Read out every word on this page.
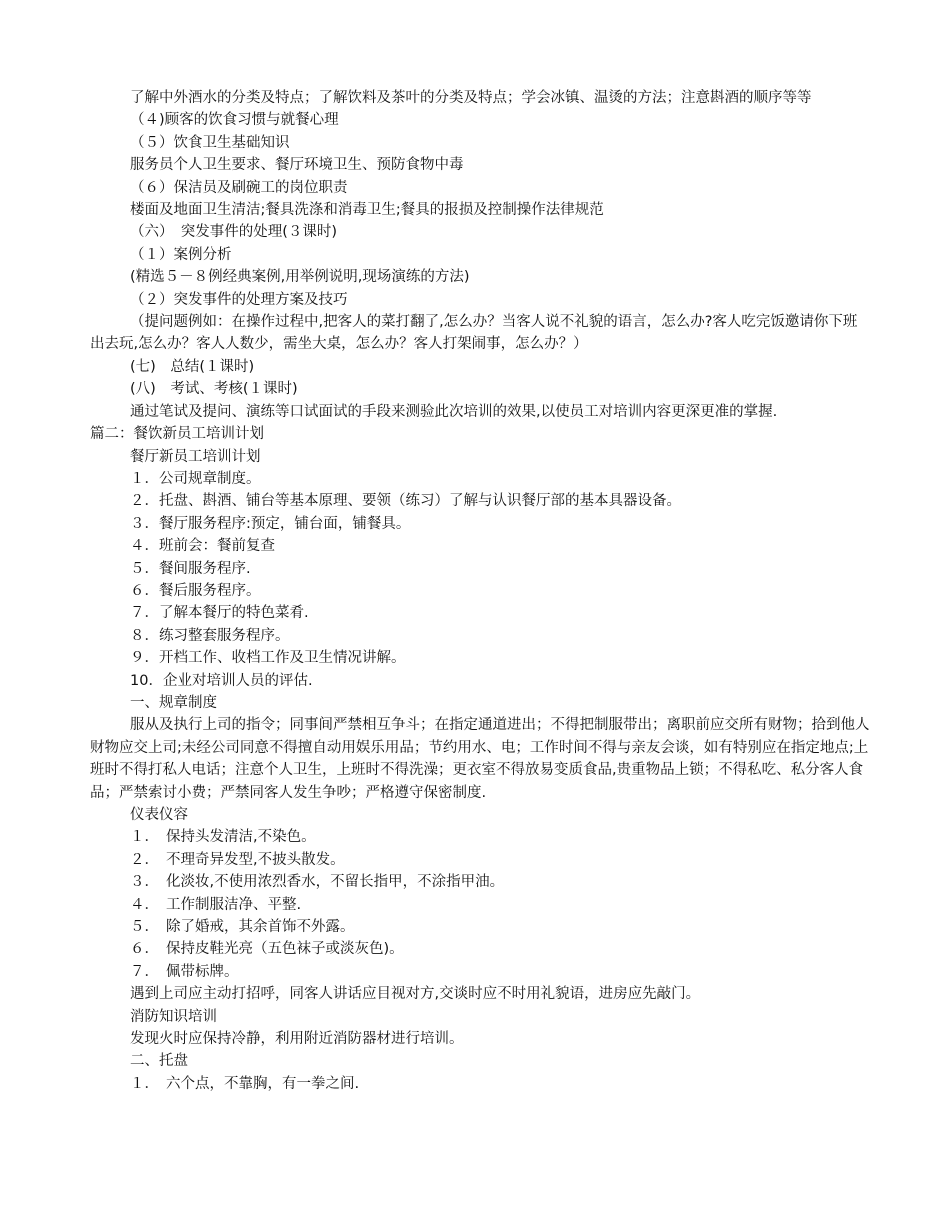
了解中外酒水的分类及特点；了解饮料及茶叶的分类及特点；学会冰镇、温烫的方法；注意斟酒的顺序等等

（４)顾客的饮食习惯与就餐心理

（５）饮食卫生基础知识

服务员个人卫生要求、餐厅环境卫生、预防食物中毒

（６）保洁员及刷碗工的岗位职责

楼面及地面卫生清洁;餐具洗涤和消毒卫生;餐具的报损及控制操作法律规范

（六）　突发事件的处理(３课时)

（１）案例分析

(精选５－８例经典案例,用举例说明,现场演练的方法)

（２）突发事件的处理方案及技巧

（提问题例如：在操作过程中,把客人的菜打翻了,怎么办？当客人说不礼貌的语言，怎么办?客人吃完饭邀请你下班出去玩,怎么办？客人人数少，需坐大桌，怎么办？客人打架闹事，怎么办？）

(七)　总结(１课时)

(八)　考试、考核(１课时)

通过笔试及提问、演练等口试面试的手段来测验此次培训的效果,以使员工对培训内容更深更准的掌握.

篇二：餐饮新员工培训计划

餐厅新员工培训计划

１．公司规章制度。

２．托盘、斟酒、铺台等基本原理、要领（练习）了解与认识餐厅部的基本具器设备。

３．餐厅服务程序:预定，铺台面，铺餐具。

４．班前会：餐前复查

５．餐间服务程序.

６．餐后服务程序。

７．了解本餐厅的特色菜肴.

８．练习整套服务程序。

９．开档工作、收档工作及卫生情况讲解。

10．企业对培训人员的评估.

一、规章制度

服从及执行上司的指令；同事间严禁相互争斗；在指定通道进出；不得把制服带出；离职前应交所有财物；拾到他人财物应交上司;未经公司同意不得擅自动用娱乐用品；节约用水、电；工作时间不得与亲友会谈，如有特别应在指定地点;上班时不得打私人电话；注意个人卫生，上班时不得洗澡；更衣室不得放易变质食品,贵重物品上锁；不得私吃、私分客人食品；严禁索讨小费；严禁同客人发生争吵；严格遵守保密制度.

仪表仪容

１． 保持头发清洁,不染色。

２． 不理奇异发型,不披头散发。

３． 化淡妆,不使用浓烈香水，不留长指甲，不涂指甲油。

４． 工作制服洁净、平整.

５． 除了婚戒，其余首饰不外露。

６． 保持皮鞋光亮（五色袜子或淡灰色)。

７． 佩带标牌。

遇到上司应主动打招呼，同客人讲话应目视对方,交谈时应不时用礼貌语，进房应先敲门。

消防知识培训

发现火时应保持冷静，利用附近消防器材进行培训。

二、托盘

１． 六个点，不靠胸，有一拳之间.
